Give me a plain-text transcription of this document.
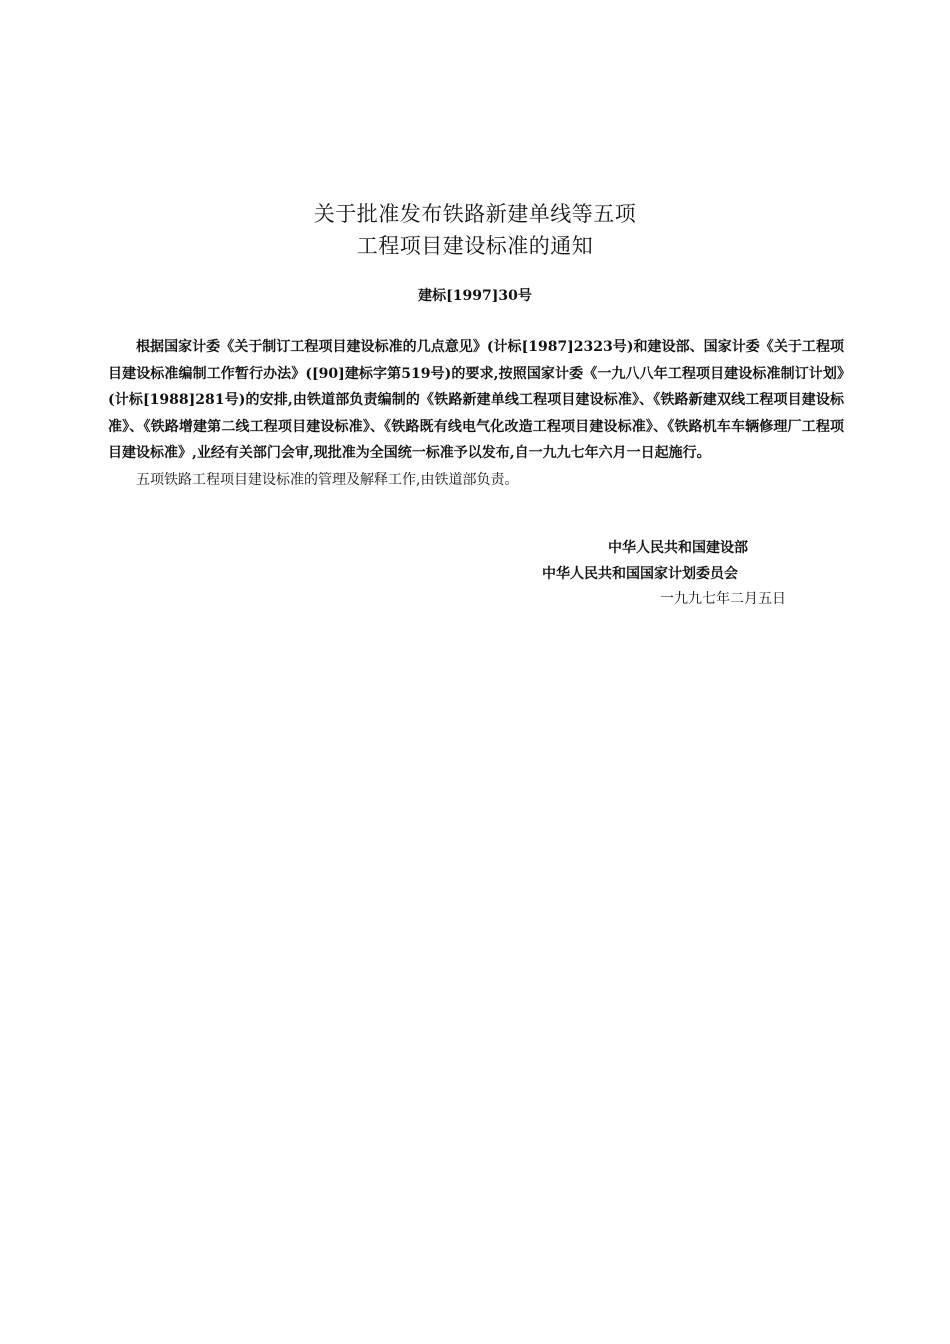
关于批准发布铁路新建单线等五项
工程项目建设标准的通知
建标[1997]30号

根据国家计委《关于制订工程项目建设标准的几点意见》(计标[1987]2323号)和建设部、国家计委《关于工程项目建设标准编制工作暂行办法》([90]建标字第519号)的要求,按照国家计委《一九八八年工程项目建设标准制订计划》(计标[1988]281号)的安排,由铁道部负责编制的《铁路新建单线工程项目建设标准》、《铁路新建双线工程项目建设标准》、《铁路增建第二线工程项目建设标准》、《铁路既有线电气化改造工程项目建设标准》、《铁路机车车辆修理厂工程项目建设标准》,业经有关部门会审,现批准为全国统一标准予以发布,自一九九七年六月一日起施行。

五项铁路工程项目建设标准的管理及解释工作,由铁道部负责。

中华人民共和国建设部
中华人民共和国国家计划委员会
一九九七年二月五日
